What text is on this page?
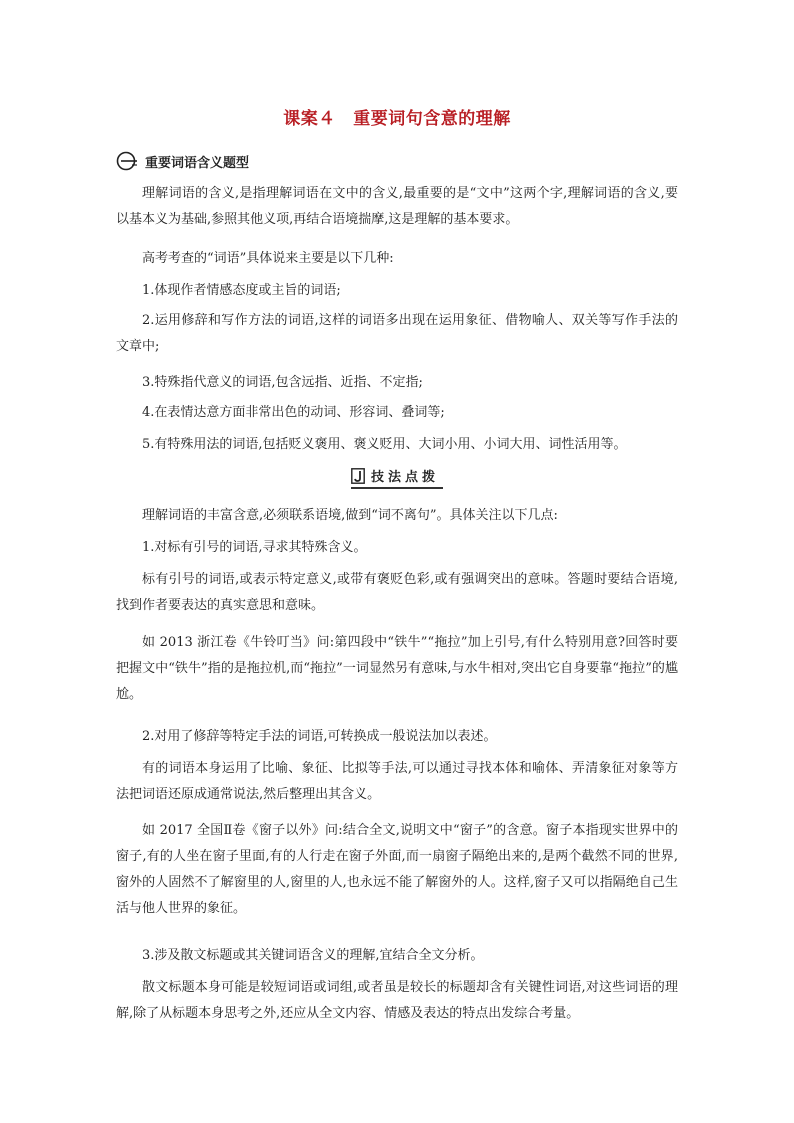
课案４　重要词句含意的理解
重要词语含义题型
理解词语的含义,是指理解词语在文中的含义,最重要的是“文中”这两个字,理解词语的含义,要以基本义为基础,参照其他义项,再结合语境揣摩,这是理解的基本要求。
高考考查的“词语”具体说来主要是以下几种:
1.体现作者情感态度或主旨的词语;
2.运用修辞和写作方法的词语,这样的词语多出现在运用象征、借物喻人、双关等写作手法的文章中;
3.特殊指代意义的词语,包含远指、近指、不定指;
4.在表情达意方面非常出色的动词、形容词、叠词等;
5.有特殊用法的词语,包括贬义褒用、褒义贬用、大词小用、小词大用、词性活用等。
技法点拨
理解词语的丰富含意,必须联系语境,做到“词不离句”。具体关注以下几点:
1.对标有引号的词语,寻求其特殊含义。
标有引号的词语,或表示特定意义,或带有褒贬色彩,或有强调突出的意味。答题时要结合语境,找到作者要表达的真实意思和意味。
如 2013 浙江卷《牛铃叮当》问:第四段中“铁牛”“拖拉”加上引号,有什么特别用意?回答时要把握文中“铁牛”指的是拖拉机,而“拖拉”一词显然另有意味,与水牛相对,突出它自身要靠“拖拉”的尴尬。
2.对用了修辞等特定手法的词语,可转换成一般说法加以表述。
有的词语本身运用了比喻、象征、比拟等手法,可以通过寻找本体和喻体、弄清象征对象等方法把词语还原成通常说法,然后整理出其含义。
如 2017 全国Ⅱ卷《窗子以外》问:结合全文,说明文中“窗子”的含意。窗子本指现实世界中的窗子,有的人坐在窗子里面,有的人行走在窗子外面,而一扇窗子隔绝出来的,是两个截然不同的世界,窗外的人固然不了解窗里的人,窗里的人,也永远不能了解窗外的人。这样,窗子又可以指隔绝自己生活与他人世界的象征。
3.涉及散文标题或其关键词语含义的理解,宜结合全文分析。
散文标题本身可能是较短词语或词组,或者虽是较长的标题却含有关键性词语,对这些词语的理解,除了从标题本身思考之外,还应从全文内容、情感及表达的特点出发综合考量。
